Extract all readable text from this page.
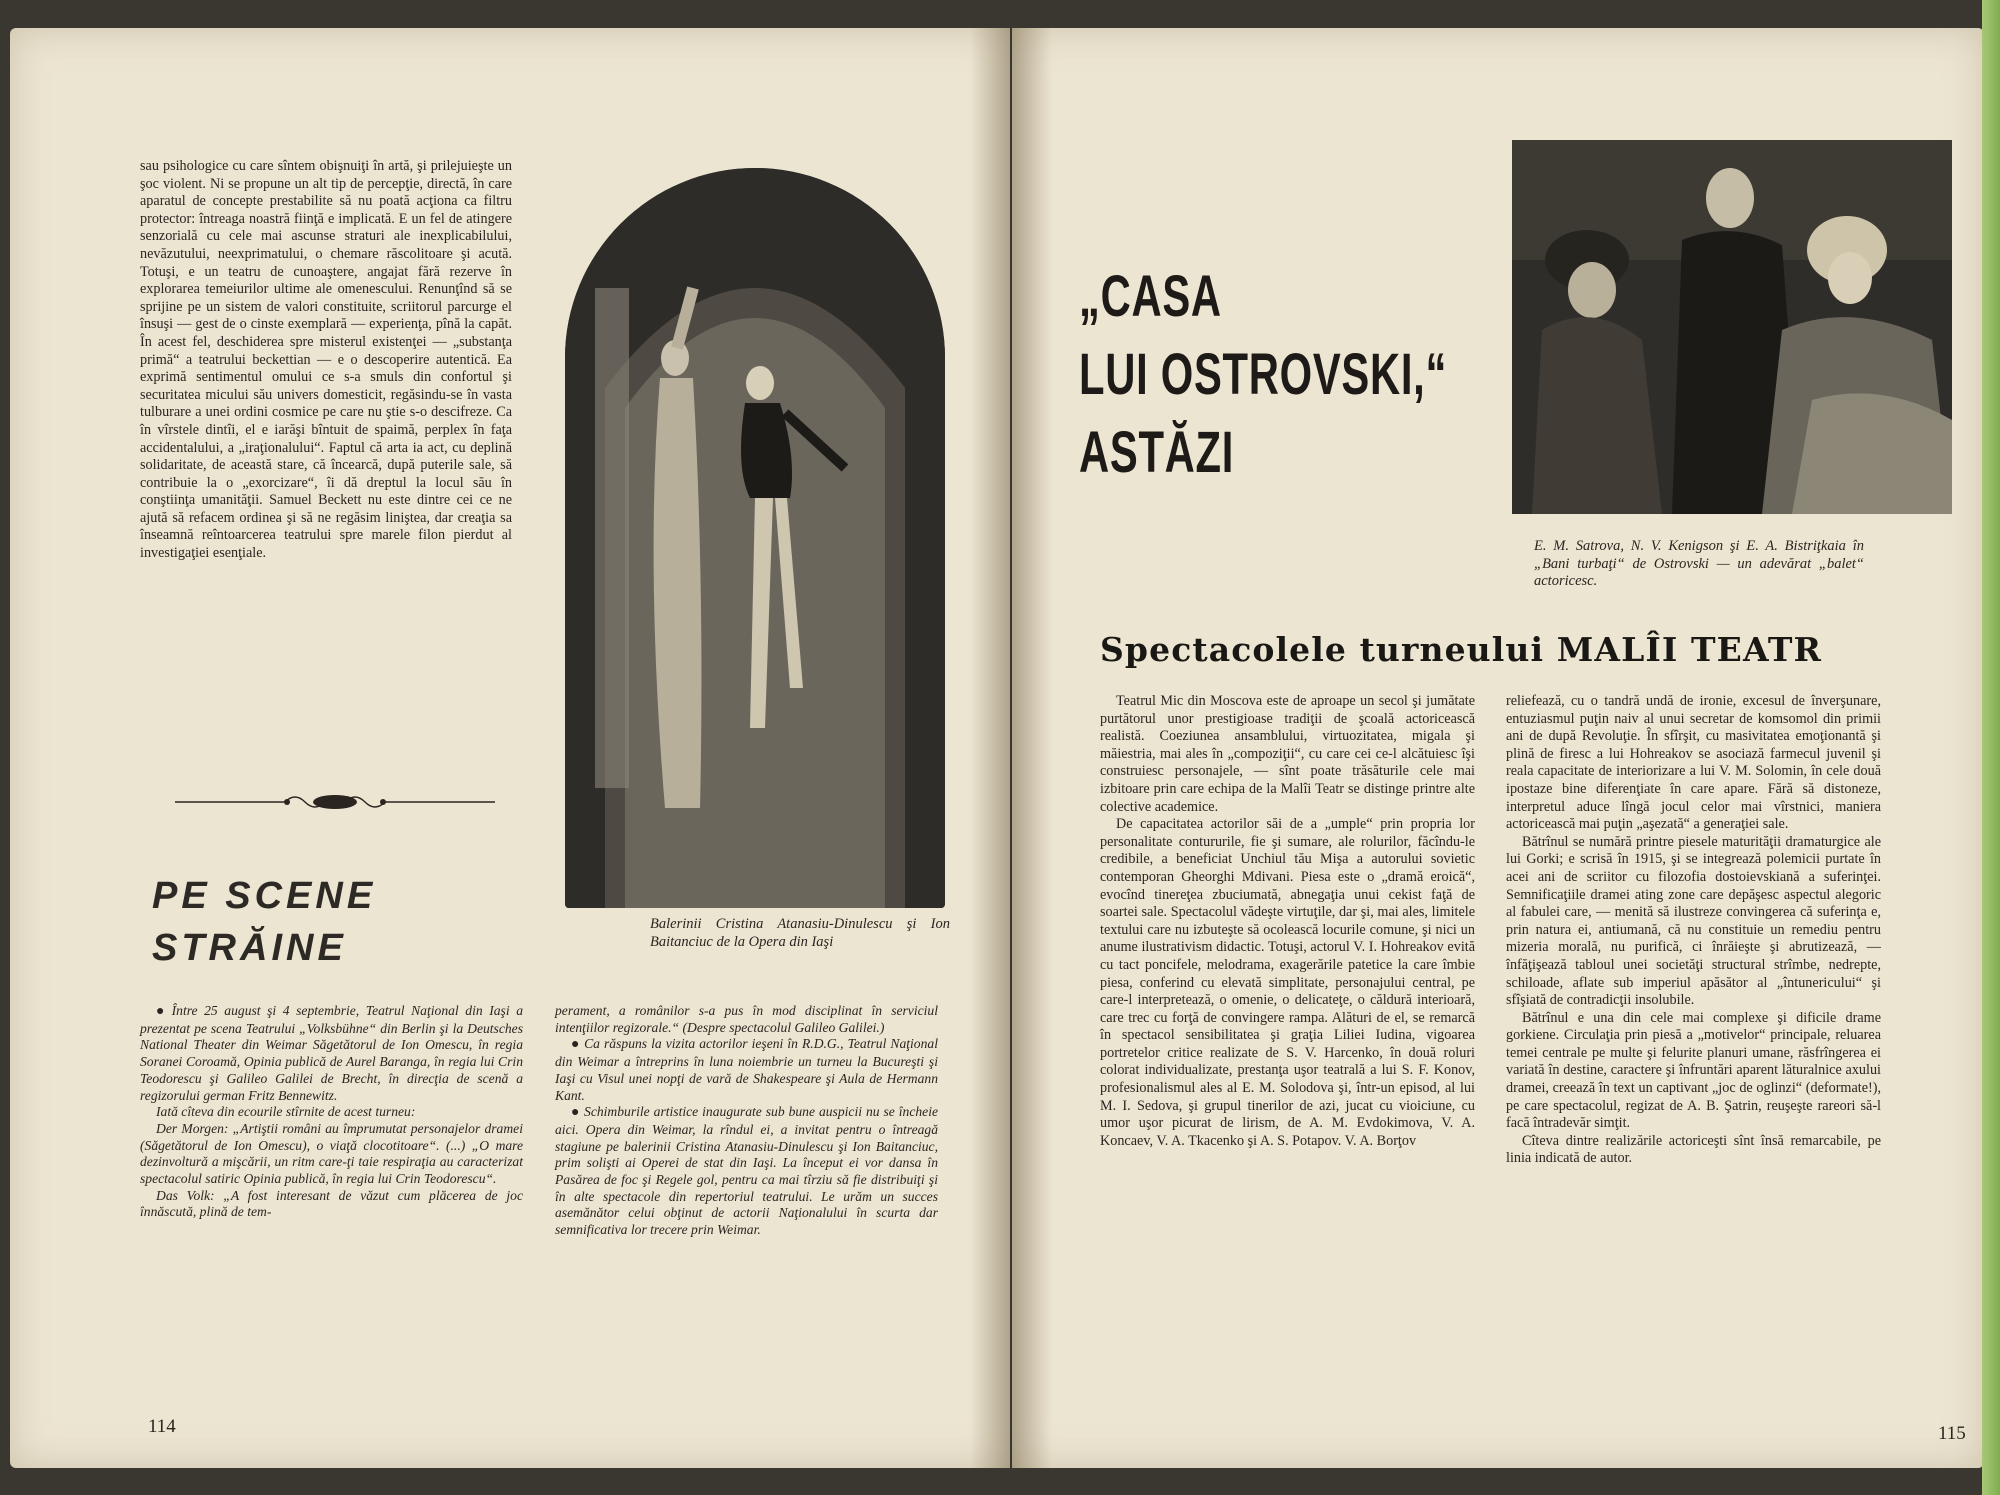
sau psihologice cu care sîntem obişnuiţi în artă, şi prilejuieşte un şoc violent. Ni se propune un alt tip de percepţie, directă, în care aparatul de concepte prestabilite să nu poată acţiona ca filtru protector: întreaga noastră fiinţă e implicată. E un fel de atingere senzorială cu cele mai ascunse straturi ale inexplicabilului, nevăzutului, neexprimatului, o chemare răscolitoare şi acută. Totuşi, e un teatru de cunoaştere, angajat fără rezerve în explorarea temeiurilor ultime ale omenescului. Renunţînd să se sprijine pe un sistem de valori constituite, scriitorul parcurge el însuşi — gest de o cinste exemplară — experienţa, pînă la capăt. În acest fel, deschiderea spre misterul existenţei — „substanţa primă“ a teatrului beckettian — e o descoperire autentică. Ea exprimă sentimentul omului ce s-a smuls din confortul şi securitatea micului său univers domesticit, regăsindu-se în vasta tulburare a unei ordini cosmice pe care nu ştie s-o descifreze. Ca în vîrstele dintîi, el e iarăşi bîntuit de spaimă, perplex în faţa accidentalului, a „iraţionalului“. Faptul că arta ia act, cu deplină solidaritate, de această stare, că încearcă, după puterile sale, să contribuie la o „exorcizare“, îi dă dreptul la locul său în conştiinţa umanităţii. Samuel Beckett nu este dintre cei ce ne ajută să refacem ordinea şi să ne regăsim liniştea, dar creaţia sa înseamnă reîntoarcerea teatrului spre marele filon pierdut al investigaţiei esenţiale.

PE SCENE
STRĂINE
Balerinii Cristina Atanasiu-Dinulescu şi Ion Baitanciuc de la Opera din Iaşi

● Între 25 august şi 4 septembrie, Teatrul Naţional din Iaşi a prezentat pe scena Teatrului „Volksbühne“ din Berlin şi la Deutsches National Theater din Weimar Săgetătorul de Ion Omescu, în regia Soranei Coroamă, Opinia publică de Aurel Baranga, în regia lui Crin Teodorescu şi Galileo Galilei de Brecht, în direcţia de scenă a regizorului german Fritz Bennewitz.

Iată cîteva din ecourile stîrnite de acest turneu:

Der Morgen: „Artiştii români au împrumutat personajelor dramei (Săgetătorul de Ion Omescu), o viaţă clocotitoare“. (...) „O mare dezinvoltură a mişcării, un ritm care-ţi taie respiraţia au caracterizat spectacolul satiric Opinia publică, în regia lui Crin Teodorescu“.

Das Volk: „A fost interesant de văzut cum plăcerea de joc înnăscută, plină de tem-

perament, a românilor s-a pus în mod disciplinat în serviciul intenţiilor regizorale.“ (Despre spectacolul Galileo Galilei.)

● Ca răspuns la vizita actorilor ieşeni în R.D.G., Teatrul Naţional din Weimar a întreprins în luna noiembrie un turneu la Bucureşti şi Iaşi cu Visul unei nopţi de vară de Shakespeare şi Aula de Hermann Kant.

● Schimburile artistice inaugurate sub bune auspicii nu se încheie aici. Opera din Weimar, la rîndul ei, a invitat pentru o întreagă stagiune pe balerinii Cristina Atanasiu-Dinulescu şi Ion Baitanciuc, prim solişti ai Operei de stat din Iaşi. La început ei vor dansa în Pasărea de foc şi Regele gol, pentru ca mai tîrziu să fie distribuiţi şi în alte spectacole din repertoriul teatrului. Le urăm un succes asemănător celui obţinut de actorii Naţionalului în scurta dar semnificativa lor trecere prin Weimar.

114
„CASA
LUI OSTROVSKI,“
ASTĂZI
E. M. Satrova, N. V. Kenigson şi E. A. Bistriţkaia în „Bani turbaţi“ de Ostrovski — un adevărat „balet“ actoricesc.
Spectacolele turneului MALÎI TEATR

Teatrul Mic din Moscova este de aproape un secol şi jumătate purtătorul unor prestigioase tradiţii de şcoală actoricească realistă. Coeziunea ansamblului, virtuozitatea, migala şi măiestria, mai ales în „compoziţii“, cu care cei ce-l alcătuiesc îşi construiesc personajele, — sînt poate trăsăturile cele mai izbitoare prin care echipa de la Malîi Teatr se distinge printre alte colective academice.

De capacitatea actorilor săi de a „umple“ prin propria lor personalitate contururile, fie şi sumare, ale rolurilor, făcîndu-le credibile, a beneficiat Unchiul tău Mişa a autorului sovietic contemporan Gheorghi Mdivani. Piesa este o „dramă eroică“, evocînd tinereţea zbuciumată, abnegaţia unui cekist faţă de soartei sale. Spectacolul vădeşte virtuţile, dar şi, mai ales, limitele textului care nu izbuteşte să ocolească locurile comune, şi nici un anume ilustrativism didactic. Totuşi, actorul V. I. Hohreakov evită cu tact poncifele, melodrama, exagerările patetice la care îmbie piesa, conferind cu elevată simplitate, personajului central, pe care-l interpretează, o omenie, o delicateţe, o căldură interioară, care trec cu forţă de convingere rampa. Alături de el, se remarcă în spectacol sensibilitatea şi graţia Liliei Iudina, vigoarea portretelor critice realizate de S. V. Harcenko, în două roluri colorat individualizate, prestanţa uşor teatrală a lui S. F. Konov, profesionalismul ales al E. M. Solodova şi, într-un episod, al lui M. I. Sedova, şi grupul tinerilor de azi, jucat cu vioiciune, cu umor uşor picurat de lirism, de A. M. Evdokimova, V. A. Koncaev, V. A. Tkacenko şi A. S. Potapov. V. A. Borţov

reliefează, cu o tandră undă de ironie, excesul de înverşunare, entuziasmul puţin naiv al unui secretar de komsomol din primii ani de după Revoluţie. În sfîrşit, cu masivitatea emoţionantă şi plină de firesc a lui Hohreakov se asociază farmecul juvenil şi reala capacitate de interiorizare a lui V. M. Solomin, în cele două ipostaze bine diferenţiate în care apare. Fără să distoneze, interpretul aduce lîngă jocul celor mai vîrstnici, maniera actoricească mai puţin „aşezată“ a generaţiei sale.

Bătrînul se numără printre piesele maturităţii dramaturgice ale lui Gorki; e scrisă în 1915, şi se integrează polemicii purtate în acei ani de scriitor cu filozofia dostoievskiană a suferinţei. Semnificaţiile dramei ating zone care depăşesc aspectul alegoric al fabulei care, — menită să ilustreze convingerea că suferinţa e, prin natura ei, antiumană, că nu constituie un remediu pentru mizeria morală, nu purifică, ci înrăieşte şi abrutizează, — înfăţişează tabloul unei societăţi structural strîmbe, nedrepte, schiloade, aflate sub imperiul apăsător al „întunericului“ şi sfîşiată de contradicţii insolubile.

Bătrînul e una din cele mai complexe şi dificile drame gorkiene. Circulaţia prin piesă a „motivelor“ principale, reluarea temei centrale pe multe şi felurite planuri umane, răsfrîngerea ei variată în destine, caractere şi înfruntări aparent lăturalnice axului dramei, creează în text un captivant „joc de oglinzi“ (deformate!), pe care spectacolul, regizat de A. B. Şatrin, reuşeşte rareori să-l facă întradevăr simţit.

Cîteva dintre realizările actoriceşti sînt însă remarcabile, pe linia indicată de autor.

115
